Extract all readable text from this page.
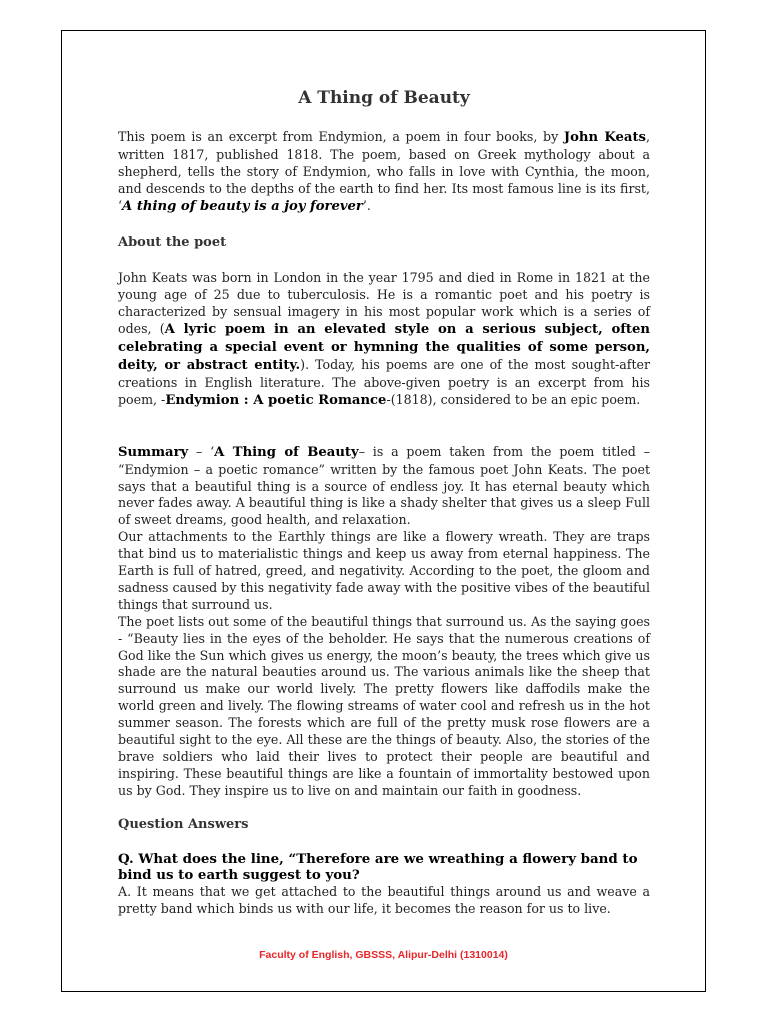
A Thing of Beauty

This poem is an excerpt from Endymion, a poem in four books, by John Keats, written 1817, published 1818. The poem, based on Greek mythology about a shepherd, tells the story of Endymion, who falls in love with Cynthia, the moon, and descends to the depths of the earth to find her. Its most famous line is its first, ‘A thing of beauty is a joy forever’.

About the poet

John Keats was born in London in the year 1795 and died in Rome in 1821 at the young age of 25 due to tuberculosis. He is a romantic poet and his poetry is characterized by sensual imagery in his most popular work which is a series of odes, (A lyric poem in an elevated style on a serious subject, often celebrating a special event or hymning the qualities of some person, deity, or abstract entity.). Today, his poems are one of the most sought-after creations in English literature. The above-given poetry is an excerpt from his poem, -Endymion : A poetic Romance-(1818), considered to be an epic poem.

Summary – ‘A Thing of Beauty– is a poem taken from the poem titled – “Endymion – a poetic romance” written by the famous poet John Keats. The poet says that a beautiful thing is a source of endless joy. It has eternal beauty which never fades away. A beautiful thing is like a shady shelter that gives us a sleep Full of sweet dreams, good health, and relaxation.

Our attachments to the Earthly things are like a flowery wreath. They are traps that bind us to materialistic things and keep us away from eternal happiness. The Earth is full of hatred, greed, and negativity. According to the poet, the gloom and sadness caused by this negativity fade away with the positive vibes of the beautiful things that surround us.

The poet lists out some of the beautiful things that surround us. As the saying goes - “Beauty lies in the eyes of the beholder. He says that the numerous creations of God like the Sun which gives us energy, the moon’s beauty, the trees which give us shade are the natural beauties around us. The various animals like the sheep that surround us make our world lively. The pretty flowers like daffodils make the world green and lively. The flowing streams of water cool and refresh us in the hot summer season. The forests which are full of the pretty musk rose flowers are a beautiful sight to the eye. All these are the things of beauty. Also, the stories of the brave soldiers who laid their lives to protect their people are beautiful and inspiring. These beautiful things are like a fountain of immortality bestowed upon us by God. They inspire us to live on and maintain our faith in goodness.

Question Answers

Q. What does the line, “Therefore are we wreathing a flowery band to bind us to earth suggest to you?

A. It means that we get attached to the beautiful things around us and weave a pretty band which binds us with our life, it becomes the reason for us to live.

Faculty of English, GBSSS, Alipur-Delhi (1310014)
